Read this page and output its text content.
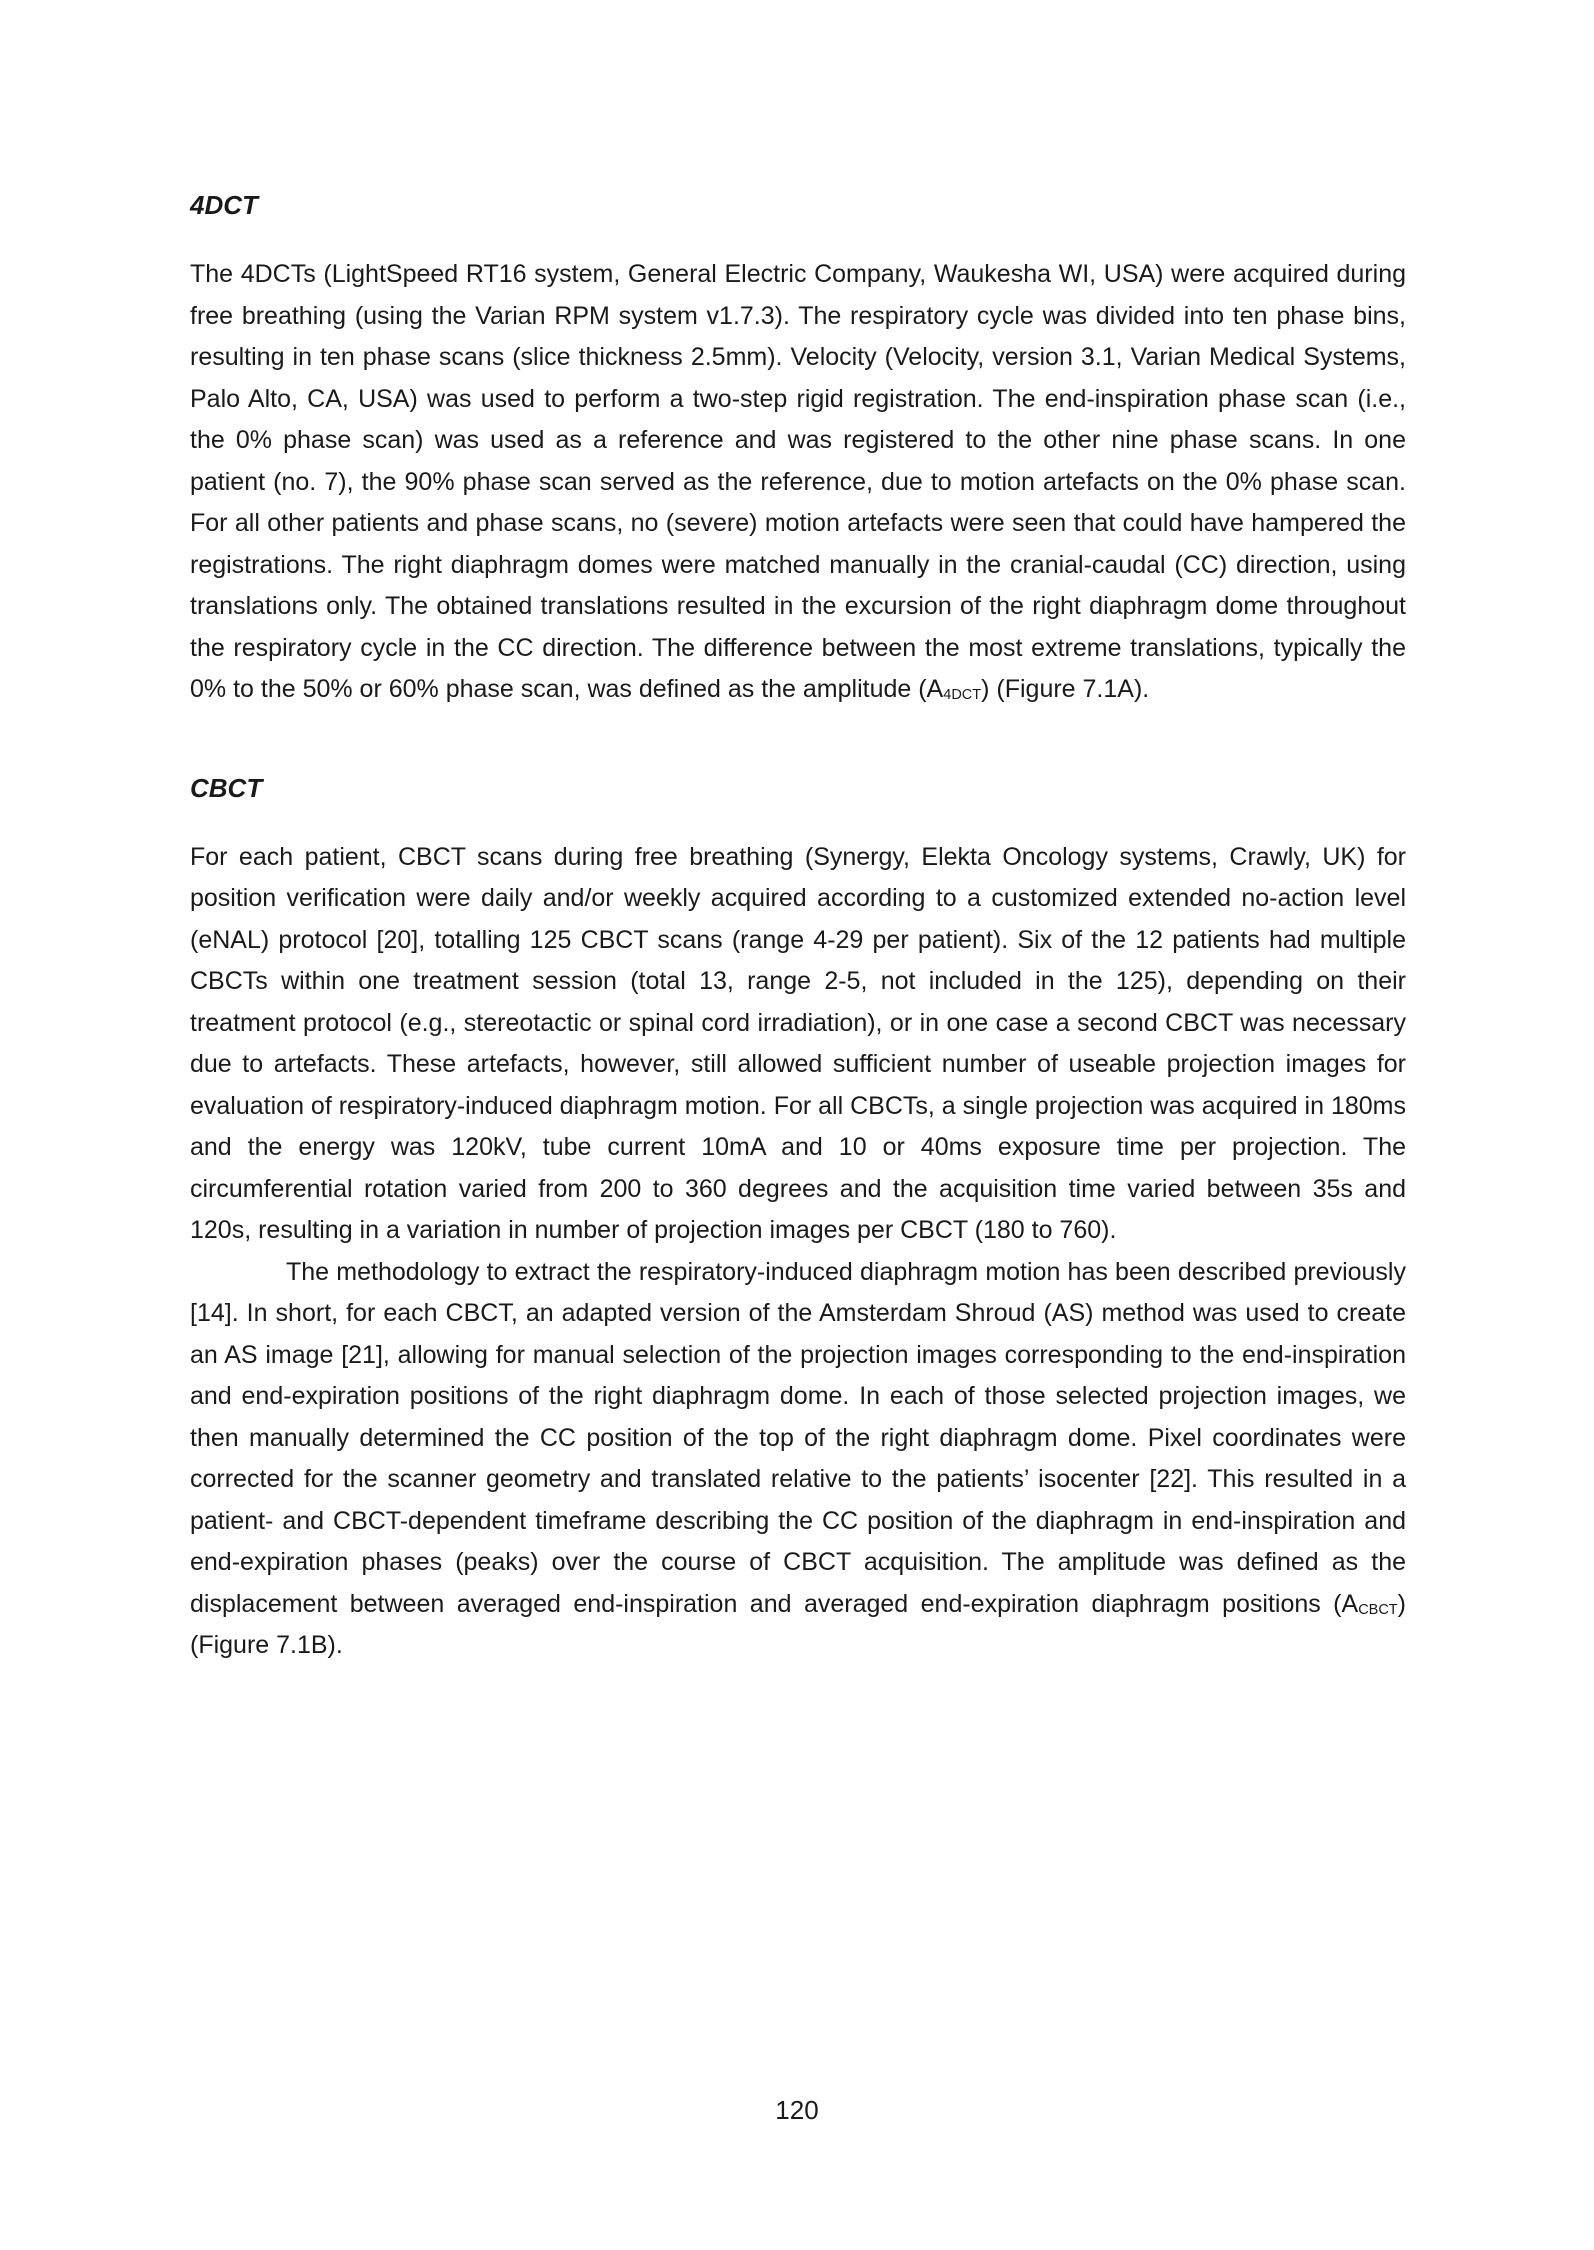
4DCT

The 4DCTs (LightSpeed RT16 system, General Electric Company, Waukesha WI, USA) were acquired during free breathing (using the Varian RPM system v1.7.3). The respiratory cycle was divided into ten phase bins, resulting in ten phase scans (slice thickness 2.5mm). Velocity (Velocity, version 3.1, Varian Medical Systems, Palo Alto, CA, USA) was used to perform a two-step rigid registration. The end-inspiration phase scan (i.e., the 0% phase scan) was used as a reference and was registered to the other nine phase scans. In one patient (no. 7), the 90% phase scan served as the reference, due to motion artefacts on the 0% phase scan. For all other patients and phase scans, no (severe) motion artefacts were seen that could have hampered the registrations. The right diaphragm domes were matched manually in the cranial-caudal (CC) direction, using translations only. The obtained translations resulted in the excursion of the right diaphragm dome throughout the respiratory cycle in the CC direction. The difference between the most extreme translations, typically the 0% to the 50% or 60% phase scan, was defined as the amplitude $(A_{4DCT})$ (Figure 7.1A).

CBCT

For each patient, CBCT scans during free breathing (Synergy, Elekta Oncology systems, Crawly, UK) for position verification were daily and/or weekly acquired according to a customized extended no-action level (eNAL) protocol [20], totalling 125 CBCT scans (range 4-29 per patient). Six of the 12 patients had multiple CBCTs within one treatment session (total 13, range 2-5, not included in the 125), depending on their treatment protocol (e.g., stereotactic or spinal cord irradiation), or in one case a second CBCT was necessary due to artefacts. These artefacts, however, still allowed sufficient number of useable projection images for evaluation of respiratory-induced diaphragm motion. For all CBCTs, a single projection was acquired in 180ms and the energy was 120kV, tube current 10mA and 10 or 40ms exposure time per projection. The circumferential rotation varied from 200 to 360 degrees and the acquisition time varied between 35s and 120s, resulting in a variation in number of projection images per CBCT (180 to 760).

The methodology to extract the respiratory-induced diaphragm motion has been described previously [14]. In short, for each CBCT, an adapted version of the Amsterdam Shroud (AS) method was used to create an AS image [21], allowing for manual selection of the projection images corresponding to the end-inspiration and end-expiration positions of the right diaphragm dome. In each of those selected projection images, we then manually determined the CC position of the top of the right diaphragm dome. Pixel coordinates were corrected for the scanner geometry and translated relative to the patients’ isocenter [22]. This resulted in a patient- and CBCT-dependent timeframe describing the CC position of the diaphragm in end-inspiration and end-expiration phases (peaks) over the course of CBCT acquisition. The amplitude was defined as the displacement between averaged end-inspiration and averaged end-expiration diaphragm positions $(A_{CBCT})$ (Figure 7.1B).

120
